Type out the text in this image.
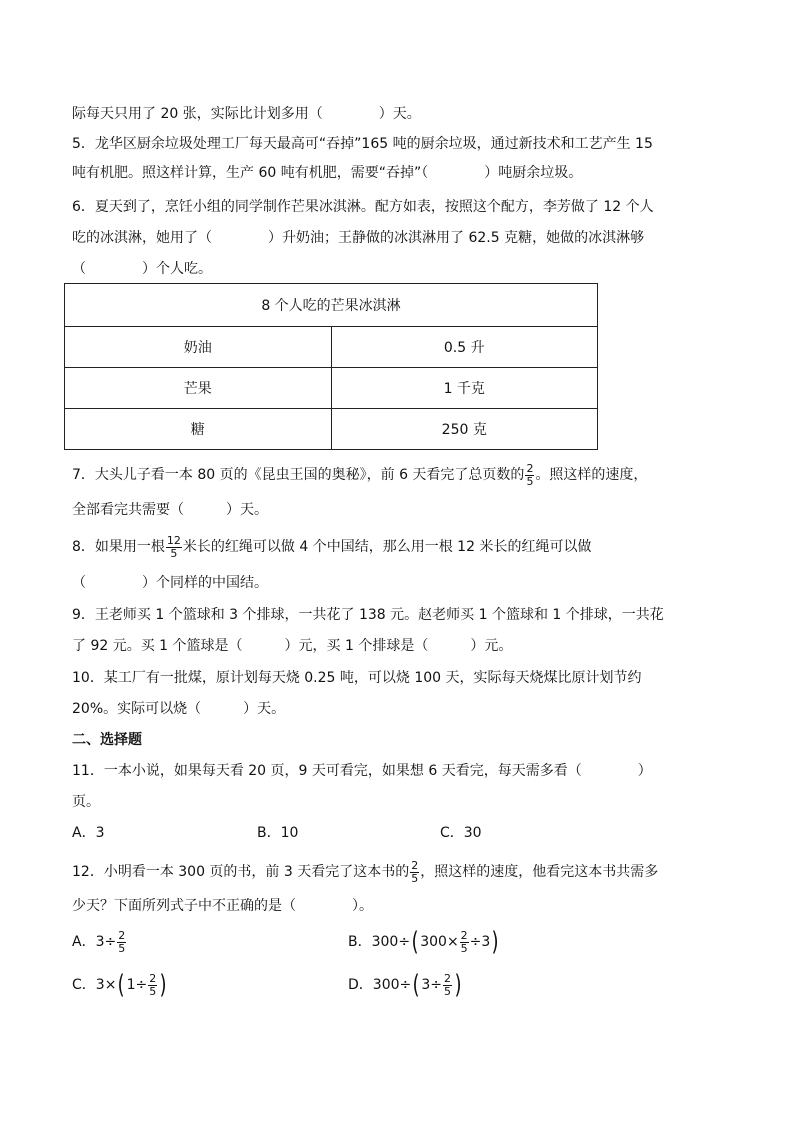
际每天只用了 20 张，实际比计划多用（　　　　）天。
5．龙华区厨余垃圾处理工厂每天最高可“吞掉”165 吨的厨余垃圾，通过新技术和工艺产生 15
吨有机肥。照这样计算，生产 60 吨有机肥，需要“吞掉”（　　　　）吨厨余垃圾。
6．夏天到了，烹饪小组的同学制作芒果冰淇淋。配方如表，按照这个配方，李芳做了 12 个人
吃的冰淇淋，她用了（　　　　）升奶油；王静做的冰淇淋用了 62.5 克糖，她做的冰淇淋够
（　　　　）个人吃。
8 个人吃的芒果冰淇淋	
奶油	0.5 升
芒果	1 千克
糖	250 克
7．大头儿子看一本 80 页的《昆虫王国的奥秘》，前 6 天看完了总页数的 $\frac{2}{5}$ 。照这样的速度，
全部看完共需要（　　　）天。
8．如果用一根 $\frac{12}{5}$ 米长的红绳可以做 4 个中国结，那么用一根 12 米长的红绳可以做
（　　　　）个同样的中国结。
9．王老师买 1 个篮球和 3 个排球，一共花了 138 元。赵老师买 1 个篮球和 1 个排球，一共花
了 92 元。买 1 个篮球是（　　　）元，买 1 个排球是（　　　）元。
10．某工厂有一批煤，原计划每天烧 0.25 吨，可以烧 100 天，实际每天烧煤比原计划节约
20%。实际可以烧（　　　）天。
二、选择题
11．一本小说，如果每天看 20 页，9 天可看完，如果想 6 天看完，每天需多看（　　　　）
页。
A．3	B．10	C．30
12．小明看一本 300 页的书，前 3 天看完了这本书的 $\frac{2}{5}$ ，照这样的速度，他看完这本书共需多
少天？下面所列式子中不正确的是（　　　　）。
A．$3\div \frac{2}{5}$	B．300÷( $300\times \frac{2}{5} \div 3$)
C．3×( $1\div \frac{2}{5}$ )	D．300÷( $3\div \frac{2}{5}$ )
